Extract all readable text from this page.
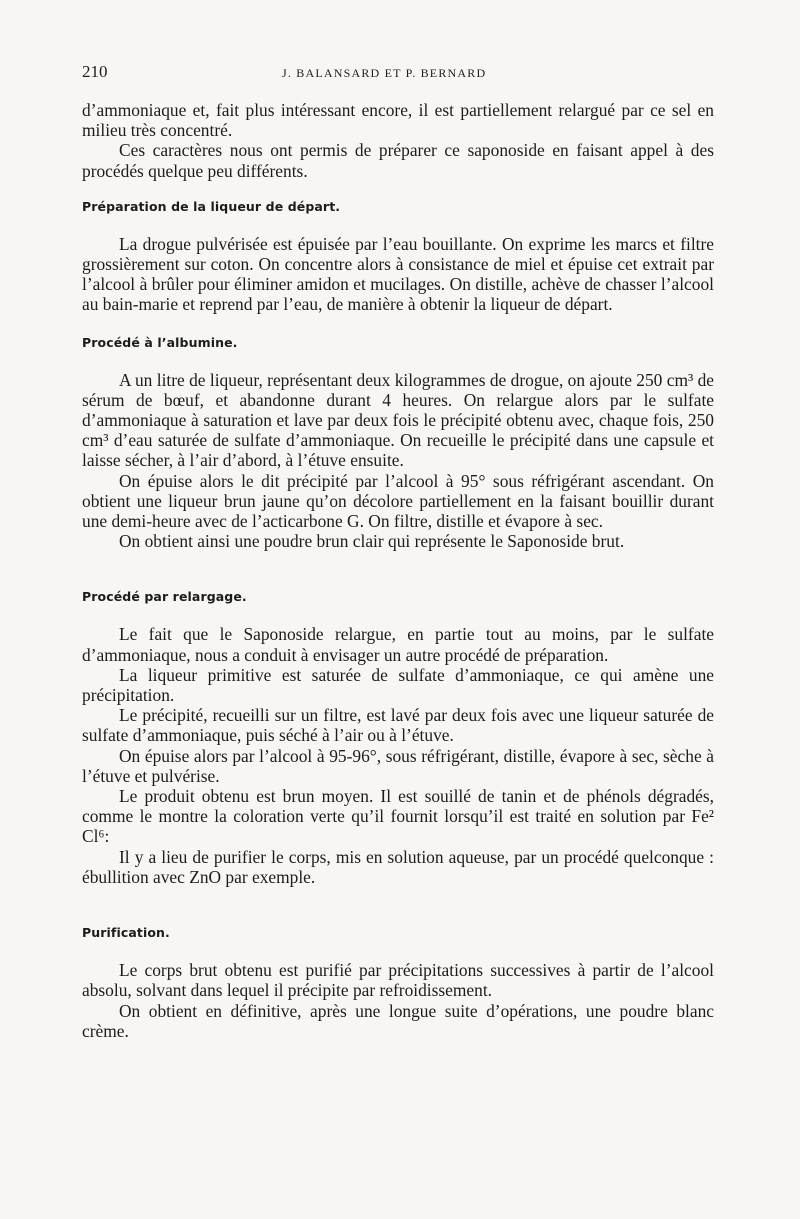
210	J. BALANSARD ET P. BERNARD

d’ammoniaque et, fait plus intéressant encore, il est partiellement relargué par ce sel en milieu très concentré.

Ces caractères nous ont permis de préparer ce saponoside en faisant appel à des procédés quelque peu différents.

Préparation de la liqueur de départ.

La drogue pulvérisée est épuisée par l’eau bouillante. On exprime les marcs et filtre grossièrement sur coton. On concentre alors à consistance de miel et épuise cet extrait par l’alcool à brûler pour éliminer amidon et mucilages. On distille, achève de chasser l’alcool au bain-marie et reprend par l’eau, de manière à obtenir la liqueur de départ.

Procédé à l’albumine.

A un litre de liqueur, représentant deux kilogrammes de drogue, on ajoute 250 cm³ de sérum de bœuf, et abandonne durant 4 heures. On relargue alors par le sulfate d’ammoniaque à saturation et lave par deux fois le précipité obtenu avec, chaque fois, 250 cm³ d’eau saturée de sulfate d’ammoniaque. On recueille le précipité dans une capsule et laisse sécher, à l’air d’abord, à l’étuve ensuite.

On épuise alors le dit précipité par l’alcool à 95° sous réfrigérant ascendant. On obtient une liqueur brun jaune qu’on décolore partiellement en la faisant bouillir durant une demi-heure avec de l’acticarbone G. On filtre, distille et évapore à sec.

On obtient ainsi une poudre brun clair qui représente le Saponoside brut.

Procédé par relargage.

Le fait que le Saponoside relargue, en partie tout au moins, par le sulfate d’ammoniaque, nous a conduit à envisager un autre procédé de préparation.

La liqueur primitive est saturée de sulfate d’ammoniaque, ce qui amène une précipitation.

Le précipité, recueilli sur un filtre, est lavé par deux fois avec une liqueur saturée de sulfate d’ammoniaque, puis séché à l’air ou à l’étuve.

On épuise alors par l’alcool à 95-96°, sous réfrigérant, distille, évapore à sec, sèche à l’étuve et pulvérise.

Le produit obtenu est brun moyen. Il est souillé de tanin et de phénols dégradés, comme le montre la coloration verte qu’il fournit lorsqu’il est traité en solution par Fe² Cl⁶:

Il y a lieu de purifier le corps, mis en solution aqueuse, par un procédé quelconque : ébullition avec ZnO par exemple.

Purification.

Le corps brut obtenu est purifié par précipitations successives à partir de l’alcool absolu, solvant dans lequel il précipite par refroidissement.

On obtient en définitive, après une longue suite d’opérations, une poudre blanc crème.
